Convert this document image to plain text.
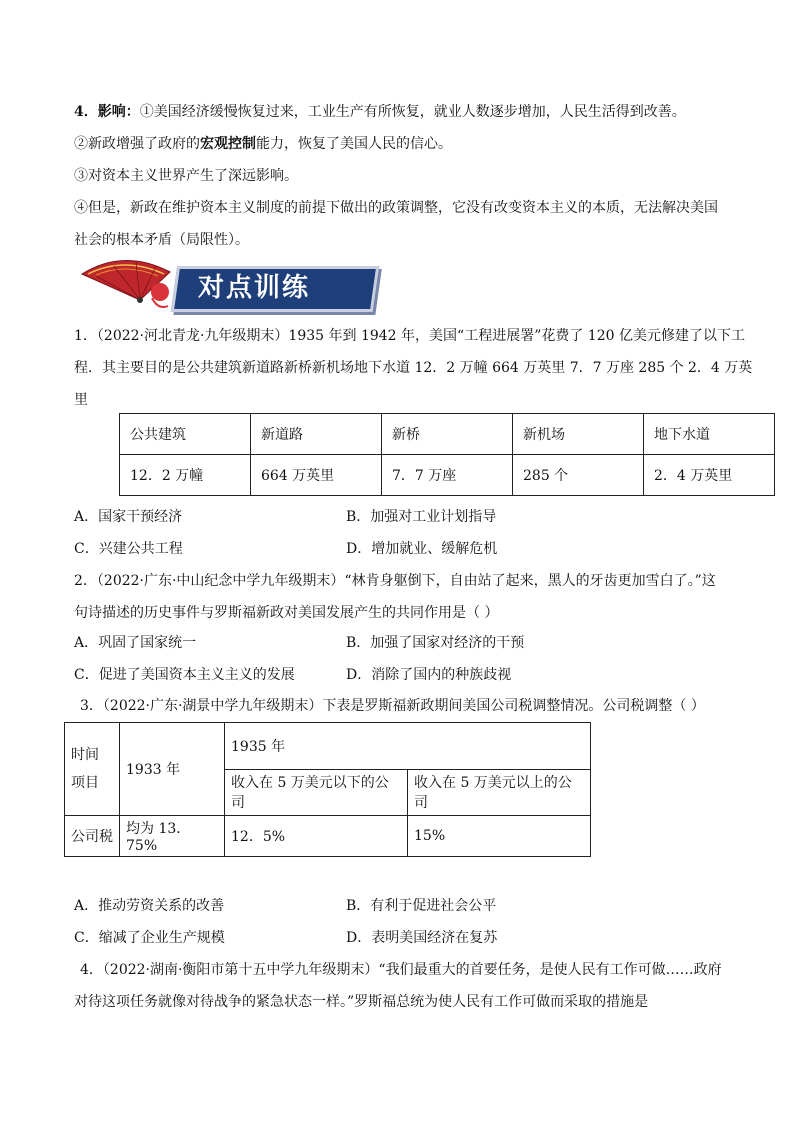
4．影响：①美国经济缓慢恢复过来，工业生产有所恢复，就业人数逐步增加，人民生活得到改善。
②新政增强了政府的宏观控制能力，恢复了美国人民的信心。
③对资本主义世界产生了深远影响。
④但是，新政在维护资本主义制度的前提下做出的政策调整，它没有改变资本主义的本质，无法解决美国
社会的根本矛盾（局限性）。
对点训练
1．（2022·河北青龙·九年级期末）1935 年到 1942 年，美国“工程进展署”花费了 120 亿美元修建了以下工
程．其主要目的是公共建筑新道路新桥新机场地下水道 12．2 万幢 664 万英里 7．7 万座 285 个 2．4 万英
里
公共建筑	新道路	新桥	新机场	地下水道
12．2 万幢	664 万英里	7．7 万座	285 个	2．4 万英里
A．国家干预经济	B．加强对工业计划指导
C．兴建公共工程	D．增加就业、缓解危机
2．（2022·广东·中山纪念中学九年级期末）“林肯身躯倒下，自由站了起来，黑人的牙齿更加雪白了。”这
句诗描述的历史事件与罗斯福新政对美国发展产生的共同作用是（ ）
A．巩固了国家统一	B．加强了国家对经济的干预
C．促进了美国资本主义主义的发展	D．消除了国内的种族歧视
3．（2022·广东·湖景中学九年级期末）下表是罗斯福新政期间美国公司税调整情况。公司税调整（ ）
时间
项目	1933 年	1935 年	
		收入在 5 万美元以下的公司	收入在 5 万美元以上的公司
公司税	均为 13．75%	12．5%	15%
A．推动劳资关系的改善	B．有利于促进社会公平
C．缩减了企业生产规模	D．表明美国经济在复苏
4．（2022·湖南·衡阳市第十五中学九年级期末）“我们最重大的首要任务，是使人民有工作可做……政府
对待这项任务就像对待战争的紧急状态一样。”罗斯福总统为使人民有工作可做而采取的措施是
